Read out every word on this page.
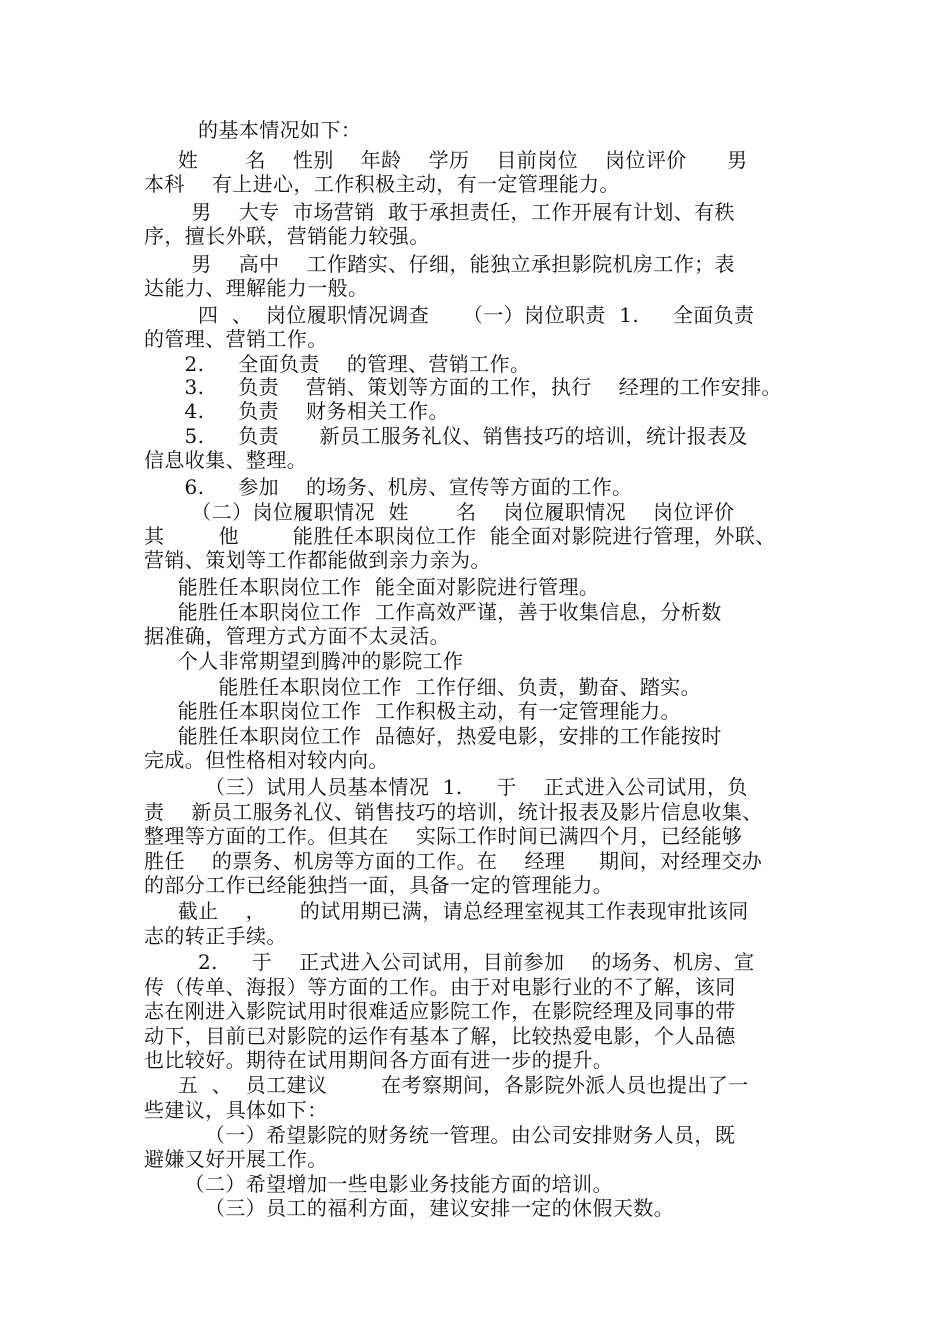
的基本情况如下：
姓       名    性别    年龄    学历    目前岗位    岗位评价      男
本科    有上进心，工作积极主动，有一定管理能力。
男    大专  市场营销  敢于承担责任，工作开展有计划、有秩
序，擅长外联，营销能力较强。
男    高中    工作踏实、仔细，能独立承担影院机房工作；表
达能力、理解能力一般。
四  、  岗位履职情况调查     （一）岗位职责  1.     全面负责
的管理、营销工作。
2.     全面负责    的管理、营销工作。
3.     负责    营销、策划等方面的工作，执行    经理的工作安排。
4.     负责    财务相关工作。
5.     负责      新员工服务礼仪、销售技巧的培训，统计报表及
信息收集、整理。
6.     参加    的场务、机房、宣传等方面的工作。
（二）岗位履职情况  姓       名    岗位履职情况    岗位评价
其        他        能胜任本职岗位工作  能全面对影院进行管理，外联、
营销、策划等工作都能做到亲力亲为。
能胜任本职岗位工作  能全面对影院进行管理。
能胜任本职岗位工作  工作高效严谨，善于收集信息，分析数
据准确，管理方式方面不太灵活。
个人非常期望到腾冲的影院工作
能胜任本职岗位工作  工作仔细、负责，勤奋、踏实。
能胜任本职岗位工作  工作积极主动，有一定管理能力。
能胜任本职岗位工作  品德好，热爱电影，安排的工作能按时
完成。但性格相对较内向。
（三）试用人员基本情况  1.     于    正式进入公司试用，负
责    新员工服务礼仪、销售技巧的培训，统计报表及影片信息收集、
整理等方面的工作。但其在    实际工作时间已满四个月，已经能够
胜任    的票务、机房等方面的工作。在    经理     期间，对经理交办
的部分工作已经能独挡一面，具备一定的管理能力。
截止    ，     的试用期已满，请总经理室视其工作表现审批该同
志的转正手续。
2.     于    正式进入公司试用，目前参加    的场务、机房、宣
传（传单、海报）等方面的工作。由于对电影行业的不了解，该同
志在刚进入影院试用时很难适应影院工作，在影院经理及同事的带
动下，目前已对影院的运作有基本了解，比较热爱电影，个人品德
也比较好。期待在试用期间各方面有进一步的提升。
五  、  员工建议        在考察期间，各影院外派人员也提出了一
些建议，具体如下：
（一）希望影院的财务统一管理。由公司安排财务人员，既
避嫌又好开展工作。
（二）希望增加一些电影业务技能方面的培训。
（三）员工的福利方面，建议安排一定的休假天数。
